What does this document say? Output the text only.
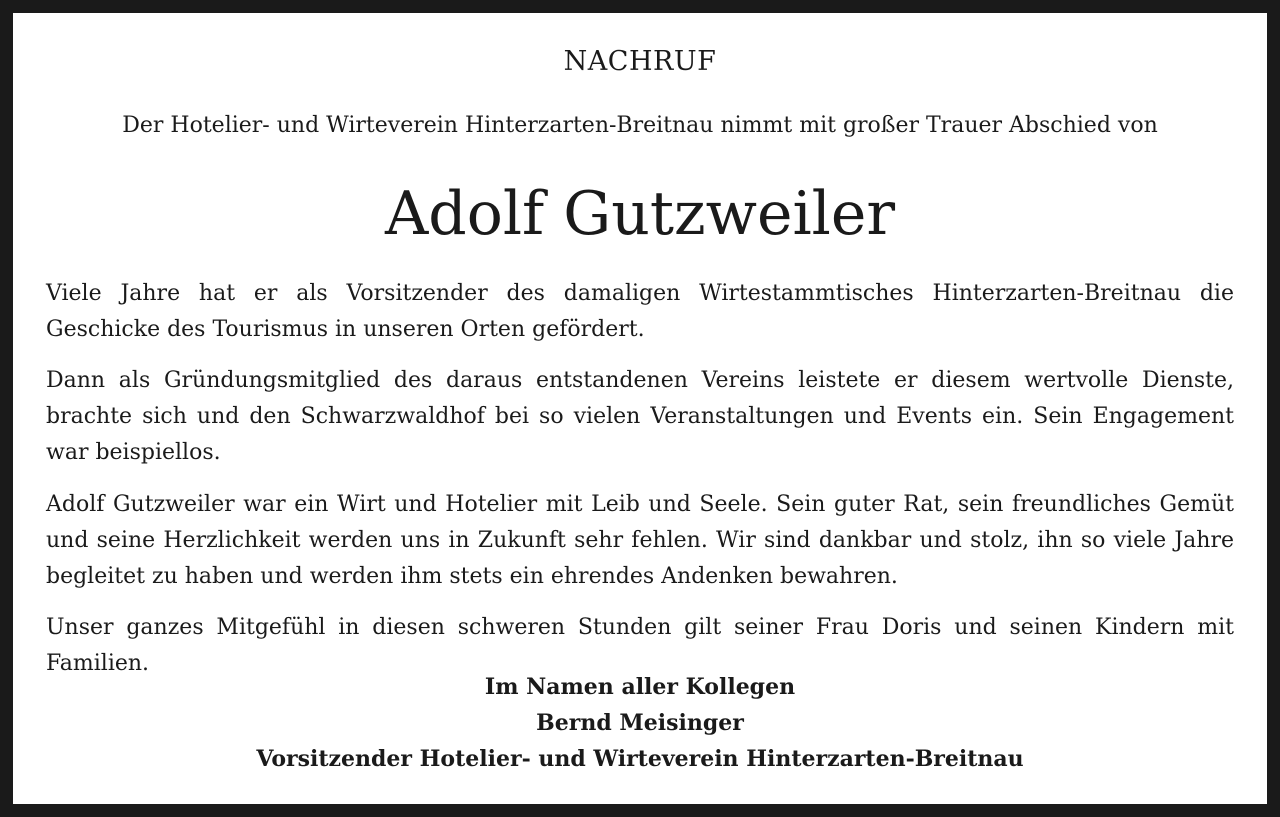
NACHRUF
Der Hotelier- und Wirteverein Hinterzarten-Breitnau nimmt mit großer Trauer Abschied von
Adolf Gutzweiler
Viele Jahre hat er als Vorsitzender des damaligen Wirtestammtisches Hinterzarten-Breitnau die Geschicke des Tourismus in unseren Orten gefördert.
Dann als Gründungsmitglied des daraus entstandenen Vereins leistete er diesem wertvolle Dienste, brachte sich und den Schwarzwaldhof bei so vielen Veranstaltungen und Events ein. Sein Engagement war beispiellos.
Adolf Gutzweiler war ein Wirt und Hotelier mit Leib und Seele. Sein guter Rat, sein freundliches Gemüt und seine Herzlichkeit werden uns in Zukunft sehr fehlen. Wir sind dankbar und stolz, ihn so viele Jahre begleitet zu haben und werden ihm stets ein ehrendes Andenken bewahren.
Unser ganzes Mitgefühl in diesen schweren Stunden gilt seiner Frau Doris und seinen Kindern mit Familien.
Im Namen aller Kollegen
Bernd Meisinger
Vorsitzender Hotelier- und Wirteverein Hinterzarten-Breitnau
